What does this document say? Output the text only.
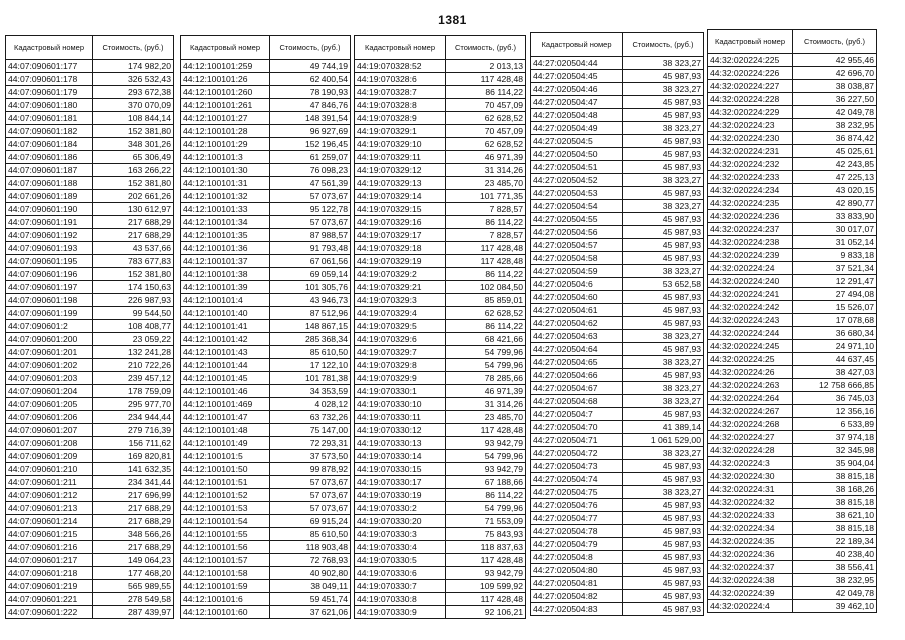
1381
Кадастровый номер	Стоимость, (руб.)
44:07:090601:177	174 982,20
44:07:090601:178	326 532,43
44:07:090601:179	293 672,38
44:07:090601:180	370 070,09
44:07:090601:181	108 844,14
44:07:090601:182	152 381,80
44:07:090601:184	348 301,26
44:07:090601:186	65 306,49
44:07:090601:187	163 266,22
44:07:090601:188	152 381,80
44:07:090601:189	202 661,26
44:07:090601:190	130 612,97
44:07:090601:191	217 688,29
44:07:090601:192	217 688,29
44:07:090601:193	43 537,66
44:07:090601:195	783 677,83
44:07:090601:196	152 381,80
44:07:090601:197	174 150,63
44:07:090601:198	226 987,93
44:07:090601:199	99 544,50
44:07:090601:2	108 408,77
44:07:090601:200	23 059,22
44:07:090601:201	132 241,28
44:07:090601:202	210 722,26
44:07:090601:203	239 457,12
44:07:090601:204	178 759,09
44:07:090601:205	295 977,70
44:07:090601:206	234 944,44
44:07:090601:207	279 716,39
44:07:090601:208	156 711,62
44:07:090601:209	169 820,81
44:07:090601:210	141 632,35
44:07:090601:211	234 341,44
44:07:090601:212	217 696,99
44:07:090601:213	217 688,29
44:07:090601:214	217 688,29
44:07:090601:215	348 566,26
44:07:090601:216	217 688,29
44:07:090601:217	149 064,23
44:07:090601:218	177 468,20
44:07:090601:219	565 989,55
44:07:090601:221	278 549,58
44:07:090601:222	287 439,97
Кадастровый номер	Стоимость, (руб.)
44:12:100101:259	49 744,19
44:12:100101:26	62 400,54
44:12:100101:260	78 190,93
44:12:100101:261	47 846,76
44:12:100101:27	148 391,54
44:12:100101:28	96 927,69
44:12:100101:29	152 196,45
44:12:100101:3	61 259,07
44:12:100101:30	76 098,23
44:12:100101:31	47 561,39
44:12:100101:32	57 073,67
44:12:100101:33	95 122,78
44:12:100101:34	57 073,67
44:12:100101:35	87 988,57
44:12:100101:36	91 793,48
44:12:100101:37	67 061,56
44:12:100101:38	69 059,14
44:12:100101:39	101 305,76
44:12:100101:4	43 946,73
44:12:100101:40	87 512,96
44:12:100101:41	148 867,15
44:12:100101:42	285 368,34
44:12:100101:43	85 610,50
44:12:100101:44	17 122,10
44:12:100101:45	101 781,38
44:12:100101:46	34 353,59
44:12:100101:469	4 028,12
44:12:100101:47	63 732,26
44:12:100101:48	75 147,00
44:12:100101:49	72 293,31
44:12:100101:5	37 573,50
44:12:100101:50	99 878,92
44:12:100101:51	57 073,67
44:12:100101:52	57 073,67
44:12:100101:53	57 073,67
44:12:100101:54	69 915,24
44:12:100101:55	85 610,50
44:12:100101:56	118 903,48
44:12:100101:57	72 768,93
44:12:100101:58	40 902,80
44:12:100101:59	38 049,11
44:12:100101:6	59 451,74
44:12:100101:60	37 621,06
Кадастровый номер	Стоимость, (руб.)
44:19:070328:52	2 013,13
44:19:070328:6	117 428,48
44:19:070328:7	86 114,22
44:19:070328:8	70 457,09
44:19:070328:9	62 628,52
44:19:070329:1	70 457,09
44:19:070329:10	62 628,52
44:19:070329:11	46 971,39
44:19:070329:12	31 314,26
44:19:070329:13	23 485,70
44:19:070329:14	101 771,35
44:19:070329:15	7 828,57
44:19:070329:16	86 114,22
44:19:070329:17	7 828,57
44:19:070329:18	117 428,48
44:19:070329:19	117 428,48
44:19:070329:2	86 114,22
44:19:070329:21	102 084,50
44:19:070329:3	85 859,01
44:19:070329:4	62 628,52
44:19:070329:5	86 114,22
44:19:070329:6	68 421,66
44:19:070329:7	54 799,96
44:19:070329:8	54 799,96
44:19:070329:9	78 285,66
44:19:070330:1	46 971,39
44:19:070330:10	31 314,26
44:19:070330:11	23 485,70
44:19:070330:12	117 428,48
44:19:070330:13	93 942,79
44:19:070330:14	54 799,96
44:19:070330:15	93 942,79
44:19:070330:17	67 188,66
44:19:070330:19	86 114,22
44:19:070330:2	54 799,96
44:19:070330:20	71 553,09
44:19:070330:3	75 843,93
44:19:070330:4	118 837,63
44:19:070330:5	117 428,48
44:19:070330:6	93 942,79
44:19:070330:7	109 599,92
44:19:070330:8	117 428,48
44:19:070330:9	92 106,21
Кадастровый номер	Стоимость, (руб.)
44:27:020504:44	38 323,27
44:27:020504:45	45 987,93
44:27:020504:46	38 323,27
44:27:020504:47	45 987,93
44:27:020504:48	45 987,93
44:27:020504:49	38 323,27
44:27:020504:5	45 987,93
44:27:020504:50	45 987,93
44:27:020504:51	45 987,93
44:27:020504:52	38 323,27
44:27:020504:53	45 987,93
44:27:020504:54	38 323,27
44:27:020504:55	45 987,93
44:27:020504:56	45 987,93
44:27:020504:57	45 987,93
44:27:020504:58	45 987,93
44:27:020504:59	38 323,27
44:27:020504:6	53 652,58
44:27:020504:60	45 987,93
44:27:020504:61	45 987,93
44:27:020504:62	45 987,93
44:27:020504:63	38 323,27
44:27:020504:64	45 987,93
44:27:020504:65	38 323,27
44:27:020504:66	45 987,93
44:27:020504:67	38 323,27
44:27:020504:68	38 323,27
44:27:020504:7	45 987,93
44:27:020504:70	41 389,14
44:27:020504:71	1 061 529,00
44:27:020504:72	38 323,27
44:27:020504:73	45 987,93
44:27:020504:74	45 987,93
44:27:020504:75	38 323,27
44:27:020504:76	45 987,93
44:27:020504:77	45 987,93
44:27:020504:78	45 987,93
44:27:020504:79	45 987,93
44:27:020504:8	45 987,93
44:27:020504:80	45 987,93
44:27:020504:81	45 987,93
44:27:020504:82	45 987,93
44:27:020504:83	45 987,93
Кадастровый номер	Стоимость, (руб.)
44:32:020224:225	42 955,46
44:32:020224:226	42 696,70
44:32:020224:227	38 038,87
44:32:020224:228	36 227,50
44:32:020224:229	42 049,78
44:32:020224:23	38 232,95
44:32:020224:230	36 874,42
44:32:020224:231	45 025,61
44:32:020224:232	42 243,85
44:32:020224:233	47 225,13
44:32:020224:234	43 020,15
44:32:020224:235	42 890,77
44:32:020224:236	33 833,90
44:32:020224:237	30 017,07
44:32:020224:238	31 052,14
44:32:020224:239	9 833,18
44:32:020224:24	37 521,34
44:32:020224:240	12 291,47
44:32:020224:241	27 494,08
44:32:020224:242	15 526,07
44:32:020224:243	17 078,68
44:32:020224:244	36 680,34
44:32:020224:245	24 971,10
44:32:020224:25	44 637,45
44:32:020224:26	38 427,03
44:32:020224:263	12 758 666,85
44:32:020224:264	36 745,03
44:32:020224:267	12 356,16
44:32:020224:268	6 533,89
44:32:020224:27	37 974,18
44:32:020224:28	32 345,98
44:32:020224:3	35 904,04
44:32:020224:30	38 815,18
44:32:020224:31	38 168,26
44:32:020224:32	38 815,18
44:32:020224:33	38 621,10
44:32:020224:34	38 815,18
44:32:020224:35	22 189,34
44:32:020224:36	40 238,40
44:32:020224:37	38 556,41
44:32:020224:38	38 232,95
44:32:020224:39	42 049,78
44:32:020224:4	39 462,10
